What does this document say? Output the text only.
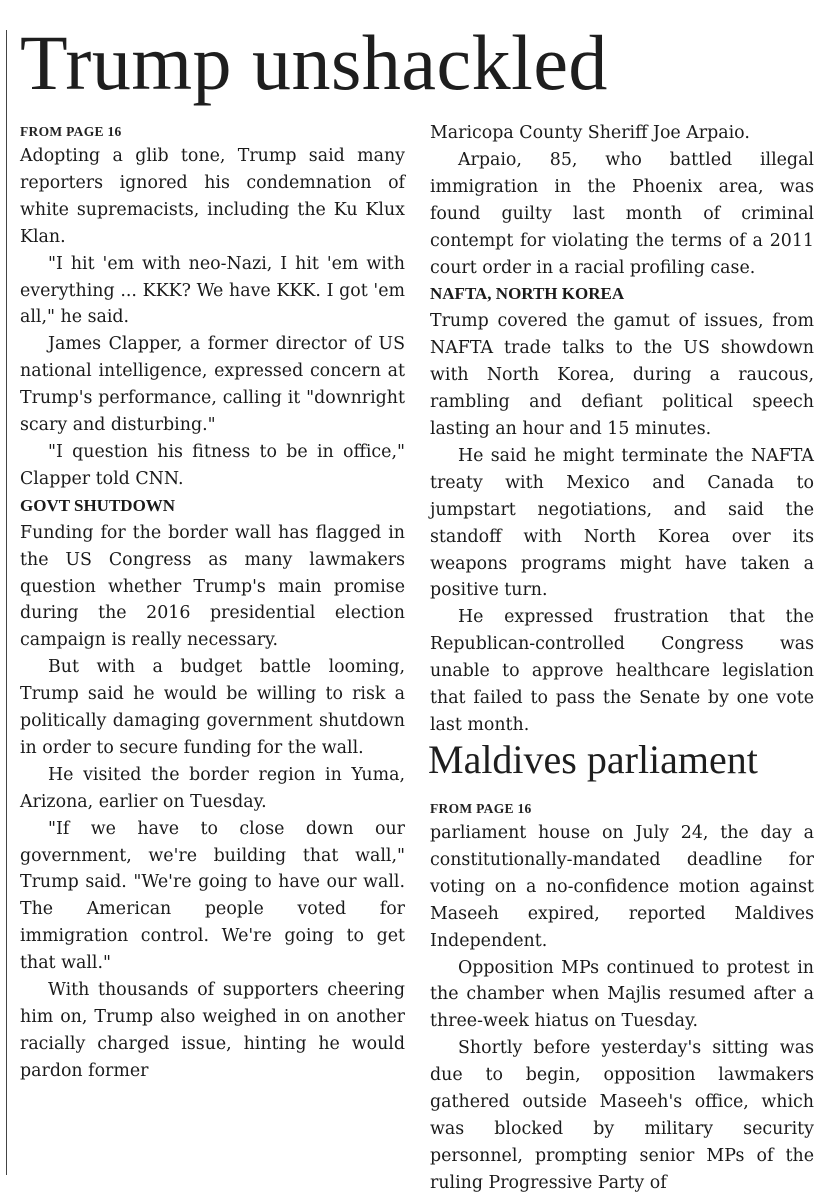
Trump unshackled
FROM PAGE 16

Adopting a glib tone, Trump said many reporters ignored his condemnation of white supremacists, including the Ku Klux Klan.

"I hit 'em with neo-Nazi, I hit 'em with everything ... KKK? We have KKK. I got 'em all," he said.

James Clapper, a former director of US national intelligence, expressed concern at Trump's performance, calling it "downright scary and disturbing."

"I question his fitness to be in office," Clapper told CNN.

GOVT SHUTDOWN

Funding for the border wall has flagged in the US Congress as many lawmakers question whether Trump's main promise during the 2016 presidential election campaign is really necessary.

But with a budget battle looming, Trump said he would be willing to risk a politically damaging government shutdown in order to secure funding for the wall.

He visited the border region in Yuma, Arizona, earlier on Tuesday.

"If we have to close down our government, we're building that wall," Trump said. "We're going to have our wall. The American people voted for immigration control. We're going to get that wall."

With thousands of supporters cheering him on, Trump also weighed in on another racially charged issue, hinting he would pardon former

Maricopa County Sheriff Joe Arpaio.

Arpaio, 85, who battled illegal immigration in the Phoenix area, was found guilty last month of criminal contempt for violating the terms of a 2011 court order in a racial profiling case.

NAFTA, NORTH KOREA

Trump covered the gamut of issues, from NAFTA trade talks to the US showdown with North Korea, during a raucous, rambling and defiant political speech lasting an hour and 15 minutes.

He said he might terminate the NAFTA treaty with Mexico and Canada to jumpstart negotiations, and said the standoff with North Korea over its weapons programs might have taken a positive turn.

He expressed frustration that the Republican-controlled Congress was unable to approve healthcare legislation that failed to pass the Senate by one vote last month.

Maldives parliament
FROM PAGE 16

parliament house on July 24, the day a constitutionally-mandated deadline for voting on a no-confidence motion against Maseeh expired, reported Maldives Independent.

Opposition MPs continued to protest in the chamber when Majlis resumed after a three-week hiatus on Tuesday.

Shortly before yesterday's sitting was due to begin, opposition lawmakers gathered outside Maseeh's office, which was blocked by military security personnel, prompting senior MPs of the ruling Progressive Party of
